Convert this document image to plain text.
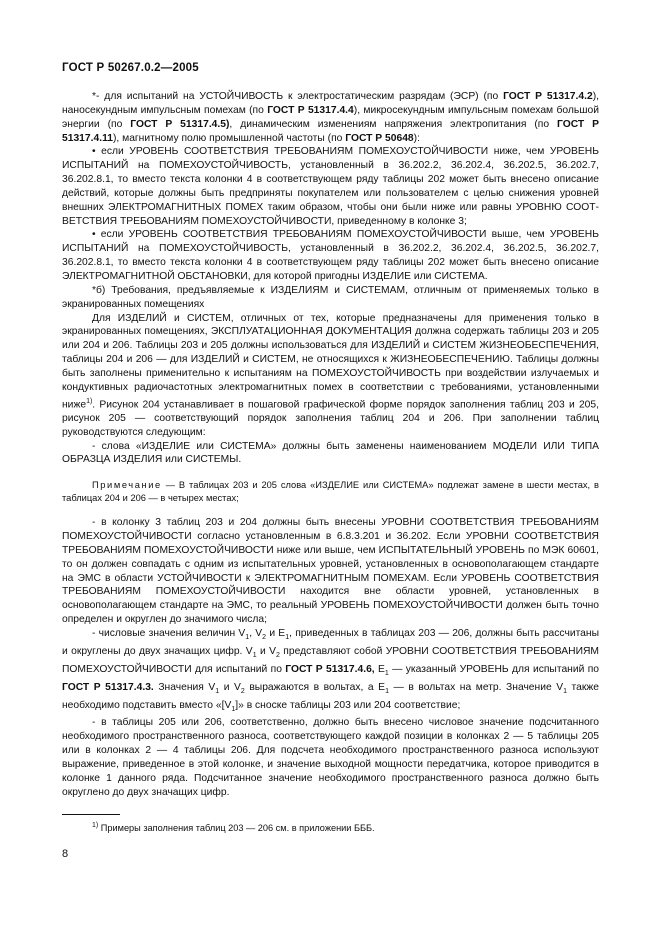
ГОСТ Р 50267.0.2—2005

*- для испытаний на УСТОЙЧИВОСТЬ к электростатическим разрядам (ЭСР) (по ГОСТ Р 51317.4.2), наносекундным импульсным помехам (по ГОСТ Р 51317.4.4), микросекундным импульсным помехам большой энергии (по ГОСТ Р 51317.4.5), динамическим изменениям напряжения электропитания (по ГОСТ Р 51317.4.11), магнитному полю промышленной частоты (по ГОСТ Р 50648):

• если УРОВЕНЬ СООТВЕТСТВИЯ ТРЕБОВАНИЯМ ПОМЕХОУСТОЙЧИВОСТИ ниже, чем УРОВЕНЬ ИСПЫТАНИЙ на ПОМЕХОУСТОЙЧИВОСТЬ, установленный в 36.202.2, 36.202.4, 36.202.5, 36.202.7, 36.202.8.1, то вместо текста колонки 4 в соответствующем ряду таблицы 202 может быть внесено описание действий, которые должны быть предприняты покупателем или пользователем с целью снижения уровней внешних ЭЛЕКТРОМАГНИТНЫХ ПОМЕХ таким образом, чтобы они были ниже или равны УРОВНЮ СООТ-ВЕТСТВИЯ ТРЕБОВАНИЯМ ПОМЕХОУСТОЙЧИВОСТИ, приведенному в колонке 3;

• если УРОВЕНЬ СООТВЕТСТВИЯ ТРЕБОВАНИЯМ ПОМЕХОУСТОЙЧИВОСТИ выше, чем УРОВЕНЬ ИСПЫТАНИЙ на ПОМЕХОУСТОЙЧИВОСТЬ, установленный в 36.202.2, 36.202.4, 36.202.5, 36.202.7, 36.202.8.1, то вместо текста колонки 4 в соответствующем ряду таблицы 202 может быть внесено описание ЭЛЕКТРОМАГНИТНОЙ ОБСТАНОВКИ, для которой пригодны ИЗДЕЛИЕ или СИСТЕМА.

*б) Требования, предъявляемые к ИЗДЕЛИЯМ и СИСТЕМАМ, отличным от применяемых только в экранированных помещениях

Для ИЗДЕЛИЙ и СИСТЕМ, отличных от тех, которые предназначены для применения только в экранированных помещениях, ЭКСПЛУАТАЦИОННАЯ ДОКУМЕНТАЦИЯ должна содержать таблицы 203 и 205 или 204 и 206. Таблицы 203 и 205 должны использоваться для ИЗДЕЛИЙ и СИСТЕМ ЖИЗНЕОБЕСПЕЧЕНИЯ, таблицы 204 и 206 — для ИЗДЕЛИЙ и СИСТЕМ, не относящихся к ЖИЗНЕОБЕСПЕЧЕНИЮ. Таблицы должны быть заполнены применительно к испытаниям на ПОМЕХОУСТОЙЧИВОСТЬ при воздействии излучаемых и кондуктивных радиочастотных электромагнитных помех в соответствии с требованиями, установленными ниже$^{1)}$. Рисунок 204 устанавливает в пошаговой графической форме порядок заполнения таблиц 203 и 205, рисунок 205 — соответствующий порядок заполнения таблиц 204 и 206. При заполнении таблиц руководствуются следующим:

- слова «ИЗДЕЛИЕ или СИСТЕМА» должны быть заменены наименованием МОДЕЛИ ИЛИ ТИПА ОБРАЗЦА ИЗДЕЛИЯ или СИСТЕМЫ.

Примечание — В таблицах 203 и 205 слова «ИЗДЕЛИЕ или СИСТЕМА» подлежат замене в шести местах, в таблицах 204 и 206 — в четырех местах;

- в колонку 3 таблиц 203 и 204 должны быть внесены УРОВНИ СООТВЕТСТВИЯ ТРЕБОВАНИЯМ ПОМЕХОУСТОЙЧИВОСТИ согласно установленным в 6.8.3.201 и 36.202. Если УРОВНИ СООТВЕТСТВИЯ ТРЕБОВАНИЯМ ПОМЕХОУСТОЙЧИВОСТИ ниже или выше, чем ИСПЫТАТЕЛЬНЫЙ УРОВЕНЬ по МЭК 60601, то он должен совпадать с одним из испытательных уровней, установленных в основополагающем стандарте на ЭМС в области УСТОЙЧИВОСТИ к ЭЛЕКТРОМАГНИТНЫМ ПОМЕХАМ. Если УРОВЕНЬ СООТВЕТСТВИЯ ТРЕБОВАНИЯМ ПОМЕХОУСТОЙЧИВОСТИ находится вне области уровней, установленных в основополагающем стандарте на ЭМС, то реальный УРОВЕНЬ ПОМЕХОУСТОЙЧИВОСТИ должен быть точно определен и округлен до значимого числа;

- числовые значения величин $V_1$, $V_2$ и $E_1$, приведенных в таблицах 203 — 206, должны быть рассчитаны и округлены до двух значащих цифр. $V_1$ и $V_2$ представляют собой УРОВНИ СООТВЕТСТВИЯ ТРЕБОВАНИЯМ ПОМЕХОУСТОЙЧИВОСТИ для испытаний по ГОСТ Р 51317.4.6, $E_1$ — указанный УРОВЕНЬ для испытаний по ГОСТ Р 51317.4.3. Значения $V_1$ и $V_2$ выражаются в вольтах, а $E_1$ — в вольтах на метр. Значение $V_1$ также необходимо подставить вместо «$[V_1]$» в сноске таблицы 203 или 204 соответствие;

- в таблицы 205 или 206, соответственно, должно быть внесено числовое значение подсчитанного необходимого пространственного разноса, соответствующего каждой позиции в колонках 2 — 5 таблицы 205 или в колонках 2 — 4 таблицы 206. Для подсчета необходимого пространственного разноса используют выражение, приведенное в этой колонке, и значение выходной мощности передатчика, которое приводится в колонке 1 данного ряда. Подсчитанное значение необходимого пространственного разноса должно быть округлено до двух значащих цифр.

$^{1)}$ Примеры заполнения таблиц 203 — 206 см. в приложении БББ.
8
